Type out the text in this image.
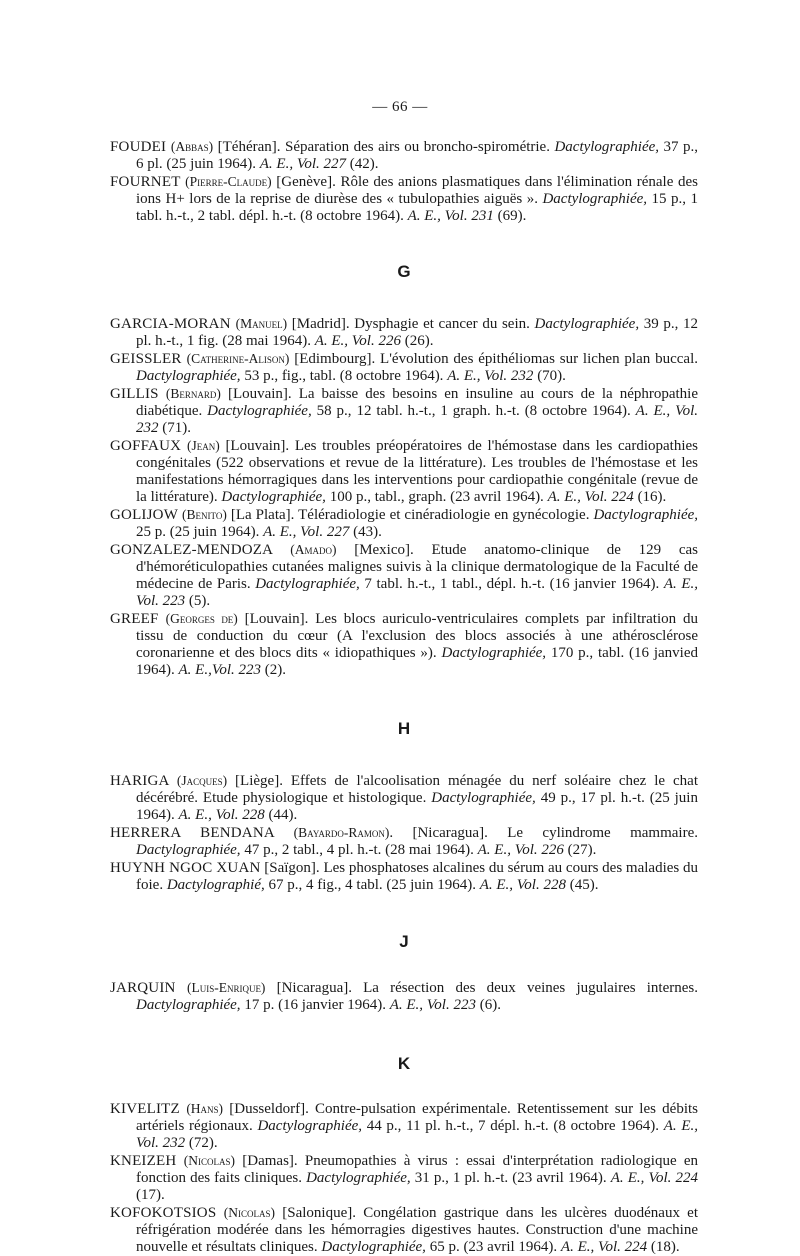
— 66 —

FOUDEI (Abbas) [Téhéran]. Séparation des airs ou broncho-spirométrie. Dactylographiée, 37 p., 6 pl. (25 juin 1964). A. E., Vol. 227 (42).

FOURNET (Pierre-Claude) [Genève]. Rôle des anions plasmatiques dans l'élimination rénale des ions H+ lors de la reprise de diurèse des « tubulopathies aiguës ». Dactylographiée, 15 p., 1 tabl. h.-t., 2 tabl. dépl. h.-t. (8 octobre 1964). A. E., Vol. 231 (69).

G

GARCIA-MORAN (Manuel) [Madrid]. Dysphagie et cancer du sein. Dactylographiée, 39 p., 12 pl. h.-t., 1 fig. (28 mai 1964). A. E., Vol. 226 (26).

GEISSLER (Catherine-Alison) [Edimbourg]. L'évolution des épithéliomas sur lichen plan buccal. Dactylographiée, 53 p., fig., tabl. (8 octobre 1964). A. E., Vol. 232 (70).

GILLIS (Bernard) [Louvain]. La baisse des besoins en insuline au cours de la néphropathie diabétique. Dactylographiée, 58 p., 12 tabl. h.-t., 1 graph. h.-t. (8 octobre 1964). A. E., Vol. 232 (71).

GOFFAUX (Jean) [Louvain]. Les troubles préopératoires de l'hémostase dans les cardiopathies congénitales (522 observations et revue de la littérature). Les troubles de l'hémostase et les manifestations hémorragiques dans les interventions pour cardiopathie congénitale (revue de la littérature). Dactylographiée, 100 p., tabl., graph. (23 avril 1964). A. E., Vol. 224 (16).

GOLIJOW (Benito) [La Plata]. Téléradiologie et cinéradiologie en gynécologie. Dactylographiée, 25 p. (25 juin 1964). A. E., Vol. 227 (43).

GONZALEZ-MENDOZA (Amado) [Mexico]. Etude anatomo-clinique de 129 cas d'hémoréticulopathies cutanées malignes suivis à la clinique dermatologique de la Faculté de médecine de Paris. Dactylographiée, 7 tabl. h.-t., 1 tabl., dépl. h.-t. (16 janvier 1964). A. E., Vol. 223 (5).

GREEF (Georges de) [Louvain]. Les blocs auriculo-ventriculaires complets par infiltration du tissu de conduction du cœur (A l'exclusion des blocs associés à une athérosclérose coronarienne et des blocs dits « idiopathiques »). Dactylographiée, 170 p., tabl. (16 janvied 1964). A. E.,Vol. 223 (2).

H

HARIGA (Jacques) [Liège]. Effets de l'alcoolisation ménagée du nerf soléaire chez le chat décérébré. Etude physiologique et histologique. Dactylographiée, 49 p., 17 pl. h.-t. (25 juin 1964). A. E., Vol. 228 (44).

HERRERA BENDANA (Bayardo-Ramon). [Nicaragua]. Le cylindrome mammaire. Dactylographiée, 47 p., 2 tabl., 4 pl. h.-t. (28 mai 1964). A. E., Vol. 226 (27).

HUYNH NGOC XUAN [Saïgon]. Les phosphatoses alcalines du sérum au cours des maladies du foie. Dactylographié, 67 p., 4 fig., 4 tabl. (25 juin 1964). A. E., Vol. 228 (45).

J

JARQUIN (Luis-Enrique) [Nicaragua]. La résection des deux veines jugulaires internes. Dactylographiée, 17 p. (16 janvier 1964). A. E., Vol. 223 (6).

K

KIVELITZ (Hans) [Dusseldorf]. Contre-pulsation expérimentale. Retentissement sur les débits artériels régionaux. Dactylographiée, 44 p., 11 pl. h.-t., 7 dépl. h.-t. (8 octobre 1964). A. E., Vol. 232 (72).

KNEIZEH (Nicolas) [Damas]. Pneumopathies à virus : essai d'interprétation radiologique en fonction des faits cliniques. Dactylographiée, 31 p., 1 pl. h.-t. (23 avril 1964). A. E., Vol. 224 (17).

KOFOKOTSIOS (Nicolas) [Salonique]. Congélation gastrique dans les ulcères duodénaux et réfrigération modérée dans les hémorragies digestives hautes. Construction d'une machine nouvelle et résultats cliniques. Dactylographiée, 65 p. (23 avril 1964). A. E., Vol. 224 (18).
